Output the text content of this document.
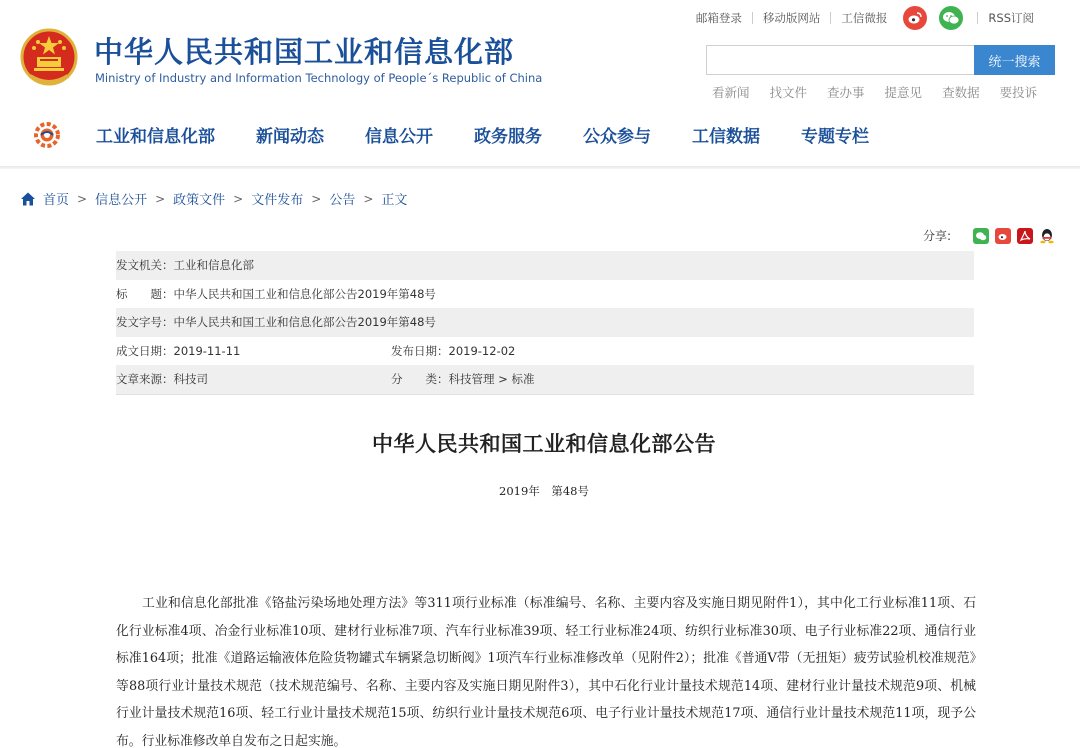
中华人民共和国工业和信息化部
Ministry of Industry and Information Technology of People´s Republic of China
邮箱登录	移动版网站	工信微报	RSS订阅
统一搜索
看新闻 找文件 查办事 提意见 查数据 要投诉
工业和信息化部 新闻动态 信息公开 政务服务 公众参与 工信数据 专题专栏
首页 > 信息公开 > 政策文件 > 文件发布 > 公告 > 正文
分享:
发文机关：工业和信息化部
标　　题：中华人民共和国工业和信息化部公告2019年第48号
发文字号：中华人民共和国工业和信息化部公告2019年第48号
成文日期：2019-11-11	发布日期：2019-12-02
文章来源：科技司	分　　类：科技管理 > 标准
中华人民共和国工业和信息化部公告
2019年　第48号
工业和信息化部批准《铬盐污染场地处理方法》等311项行业标准（标准编号、名称、主要内容及实施日期见附件1），其中化工行业标准11项、石化行业标准4项、冶金行业标准10项、建材行业标准7项、汽车行业标准39项、轻工行业标准24项、纺织行业标准30项、电子行业标准22项、通信行业标准164项；批准《道路运输液体危险货物罐式车辆紧急切断阀》1项汽车行业标准修改单（见附件2）；批准《普通V带（无扭矩）疲劳试验机校准规范》等88项行业计量技术规范（技术规范编号、名称、主要内容及实施日期见附件3），其中石化行业计量技术规范14项、建材行业计量技术规范9项、机械行业计量技术规范16项、轻工行业计量技术规范15项、纺织行业计量技术规范6项、电子行业计量技术规范17项、通信行业计量技术规范11项，现予公布。行业标准修改单自发布之日起实施。
